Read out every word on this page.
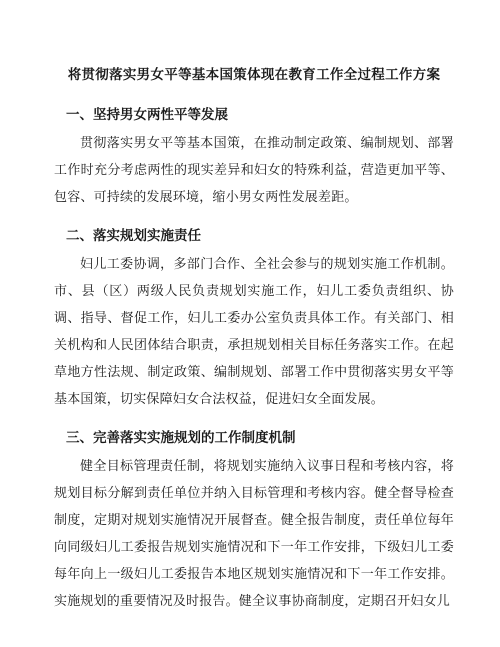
将贯彻落实男女平等基本国策体现在教育工作全过程工作方案
一、坚持男女两性平等发展

贯彻落实男女平等基本国策，在推动制定政策、编制规划、部署工作时充分考虑两性的现实差异和妇女的特殊利益，营造更加平等、包容、可持续的发展环境，缩小男女两性发展差距。

二、落实规划实施责任

妇儿工委协调，多部门合作、全社会参与的规划实施工作机制。市、县（区）两级人民负责规划实施工作，妇儿工委负责组织、协调、指导、督促工作，妇儿工委办公室负责具体工作。有关部门、相关机构和人民团体结合职责，承担规划相关目标任务落实工作。在起草地方性法规、制定政策、编制规划、部署工作中贯彻落实男女平等基本国策，切实保障妇女合法权益，促进妇女全面发展。

三、完善落实实施规划的工作制度机制

健全目标管理责任制，将规划实施纳入议事日程和考核内容，将规划目标分解到责任单位并纳入目标管理和考核内容。健全督导检查制度，定期对规划实施情况开展督查。健全报告制度，责任单位每年向同级妇儿工委报告规划实施情况和下一年工作安排，下级妇儿工委每年向上一级妇儿工委报告本地区规划实施情况和下一年工作安排。实施规划的重要情况及时报告。健全议事协商制度，定期召开妇女儿
